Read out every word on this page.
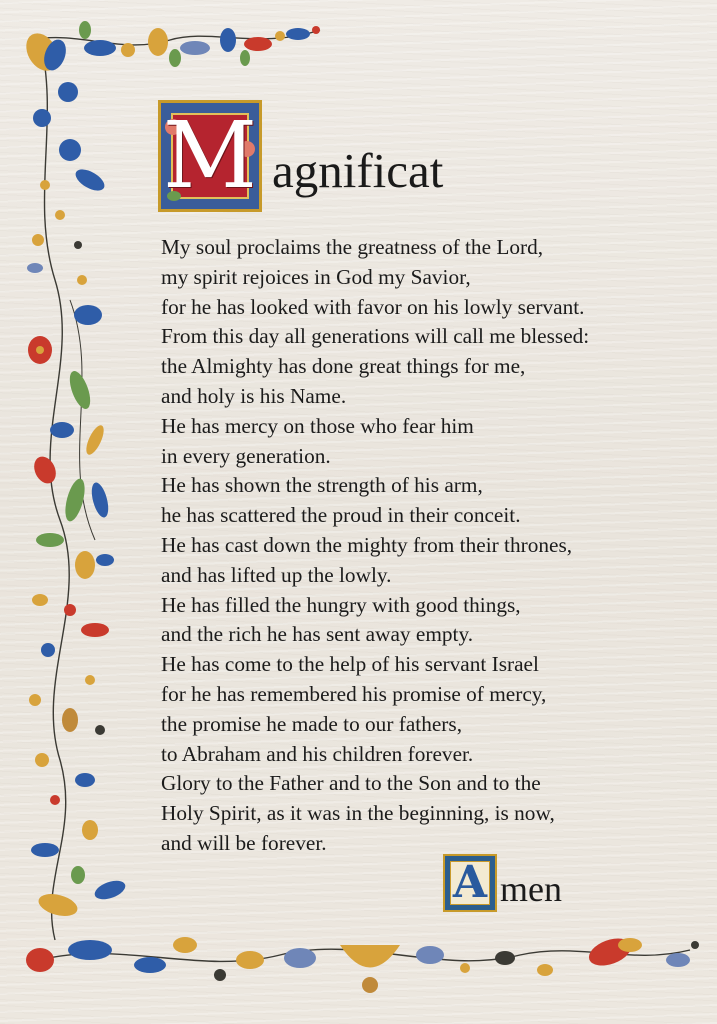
M agnificat
My soul proclaims the greatness of the Lord,
my spirit rejoices in God my Savior,
for he has looked with favor on his lowly servant.
From this day all generations will call me blessed:
the Almighty has done great things for me,
and holy is his Name.
He has mercy on those who fear him
in every generation.
He has shown the strength of his arm,
he has scattered the proud in their conceit.
He has cast down the mighty from their thrones,
and has lifted up the lowly.
He has filled the hungry with good things,
and the rich he has sent away empty.
He has come to the help of his servant Israel
for he has remembered his promise of mercy,
the promise he made to our fathers,
to Abraham and his children forever.
Glory to the Father and to the Son and to the
Holy Spirit, as it was in the beginning, is now,
and will be forever.
A men
